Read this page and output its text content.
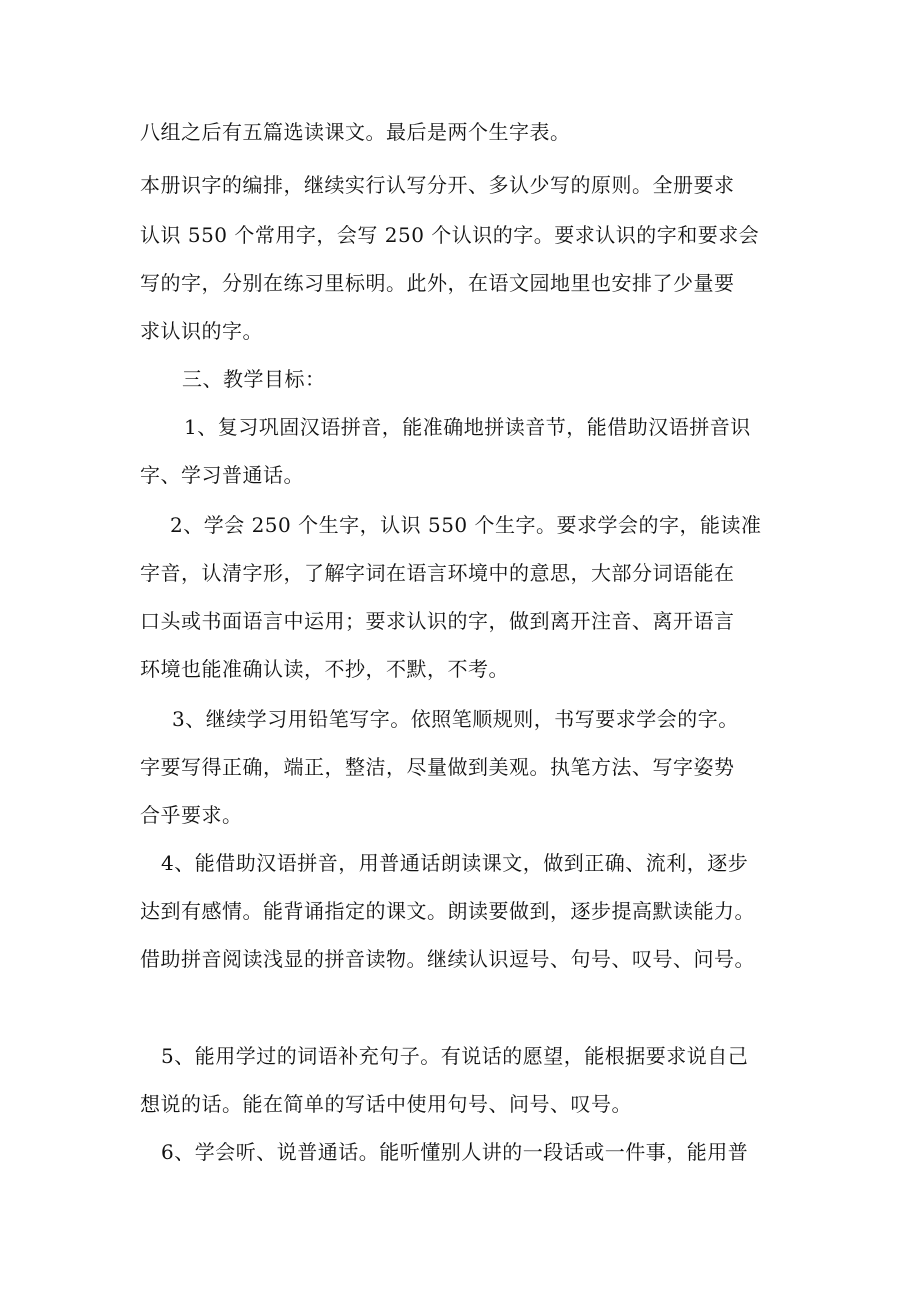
八组之后有五篇选读课文。最后是两个生字表。
本册识字的编排，继续实行认写分开、多认少写的原则。全册要求
认识 550 个常用字，会写 250 个认识的字。要求认识的字和要求会
写的字，分别在练习里标明。此外，在语文园地里也安排了少量要
求认识的字。
三、教学目标：
1、复习巩固汉语拼音，能准确地拼读音节，能借助汉语拼音识
字、学习普通话。
2、学会 250 个生字，认识 550 个生字。要求学会的字，能读准
字音，认清字形，了解字词在语言环境中的意思，大部分词语能在
口头或书面语言中运用；要求认识的字，做到离开注音、离开语言
环境也能准确认读，不抄，不默，不考。
3、继续学习用铅笔写字。依照笔顺规则，书写要求学会的字。
字要写得正确，端正，整洁，尽量做到美观。执笔方法、写字姿势
合乎要求。
4、能借助汉语拼音，用普通话朗读课文，做到正确、流利，逐步
达到有感情。能背诵指定的课文。朗读要做到，逐步提高默读能力。
借助拼音阅读浅显的拼音读物。继续认识逗号、句号、叹号、问号。
5、能用学过的词语补充句子。有说话的愿望，能根据要求说自己
想说的话。能在简单的写话中使用句号、问号、叹号。
6、学会听、说普通话。能听懂别人讲的一段话或一件事，能用普
